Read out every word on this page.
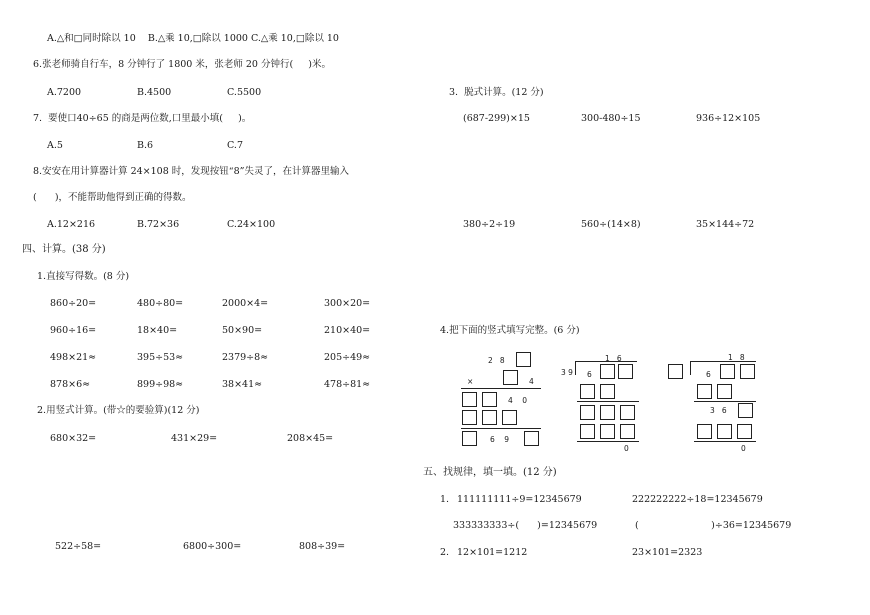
A.△和□同时除以 10    B.△乘 10,□除以 1000 C.△乘 10,□除以 10
6.张老师骑自行车，8 分钟行了 1800 米，张老师 20 分钟行(     )米。
A.7200	B.4500	C.5500
7.  要使口40÷65 的商是两位数,口里最小填(     )。
A.5	B.6	C.7
8.安安在用计算器计算 24×108 时，发现按钮“8”失灵了，在计算器里输入
(      )，不能帮助他得到正确的得数。
A.12×216	B.72×36	C.24×100
四、计算。(38 分)
1.直接写得数。(8 分)
860÷20=	480÷80=	2000×4=	300×20=
960÷16=	18×40=	50×90=	210×40=
498×21≈	395÷53≈	2379÷8≈	205÷49≈
878×6≈	899÷98≈	38×41≈	478÷81≈
2.用竖式计算。(带☆的要验算)(12 分)
680×32=	431×29=	208×45=
522÷58=	6800÷300=	808÷39=
3.  脱式计算。(12 分)
(687-299)×15	300-480÷15	936÷12×105
380÷2÷19	560÷(14×8)	35×144÷72
4.把下面的竖式填写完整。(6 分)
2   8
×	4
4    0
6    9
1   6
3 9 6
0
1   8
6
3   6
0
五、找规律，填一填。(12 分)
1. 111111111÷9=12345679	222222222÷18=12345679
333333333÷(      )=12345679	(                        )÷36=12345679
2. 12×101=1212	23×101=2323
